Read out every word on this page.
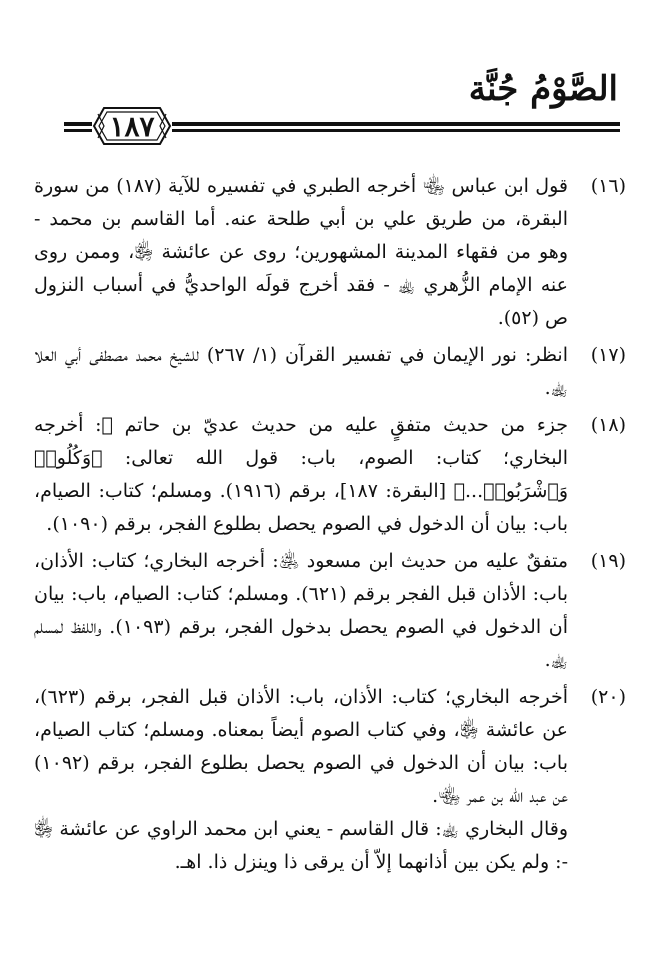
الصَّوْمُ جُنَّة
١٨٧
(١٦)

قول ابن عباس ﵄ أخرجه الطبري في تفسيره للآية (١٨٧) من سورة البقرة، من طريق علي بن أبي طلحة عنه. أما القاسم بن محمد - وهو من فقهاء المدينة المشهورين؛ روى عن عائشة ﵂، وممن روى عنه الإمام الزُّهري ﵀ - فقد أخرج قولَه الواحديُّ في أسباب النزول ص (٥٢).

(١٧)

انظر: نور الإيمان في تفسير القرآن (١/ ٢٦٧) للشيخ محمد مصطفى أبي العلا ﵀.

(١٨)

جزء من حديث متفقٍ عليه من حديث عديّ بن حاتم ﵁: أخرجه البخاري؛ كتاب: الصوم، باب: قول الله تعالى: ﴿وَكُلُوا۟ وَٱشْرَبُوا۟...﴾ [البقرة: ١٨٧]، برقم (١٩١٦). ومسلم؛ كتاب: الصيام، باب: بيان أن الدخول في الصوم يحصل بطلوع الفجر، برقم (١٠٩٠).

(١٩)

متفقٌ عليه من حديث ابن مسعود ﵁: أخرجه البخاري؛ كتاب: الأذان، باب: الأذان قبل الفجر برقم (٦٢١). ومسلم؛ كتاب: الصيام، باب: بيان أن الدخول في الصوم يحصل بدخول الفجر، برقم (١٠٩٣). واللفظ لمسلم ﵀.

(٢٠)

أخرجه البخاري؛ كتاب: الأذان، باب: الأذان قبل الفجر، برقم (٦٢٣)، عن عائشة ﵂، وفي كتاب الصوم أيضاً بمعناه. ومسلم؛ كتاب الصيام، باب: بيان أن الدخول في الصوم يحصل بطلوع الفجر، برقم (١٠٩٢) عن عبد الله بن عمر ﵄.

وقال البخاري ﵀: قال القاسم - يعني ابن محمد الراوي عن عائشة ﵂ -: ولم يكن بين أذانهما إلاّ أن يرقى ذا وينزل ذا. اهـ.
